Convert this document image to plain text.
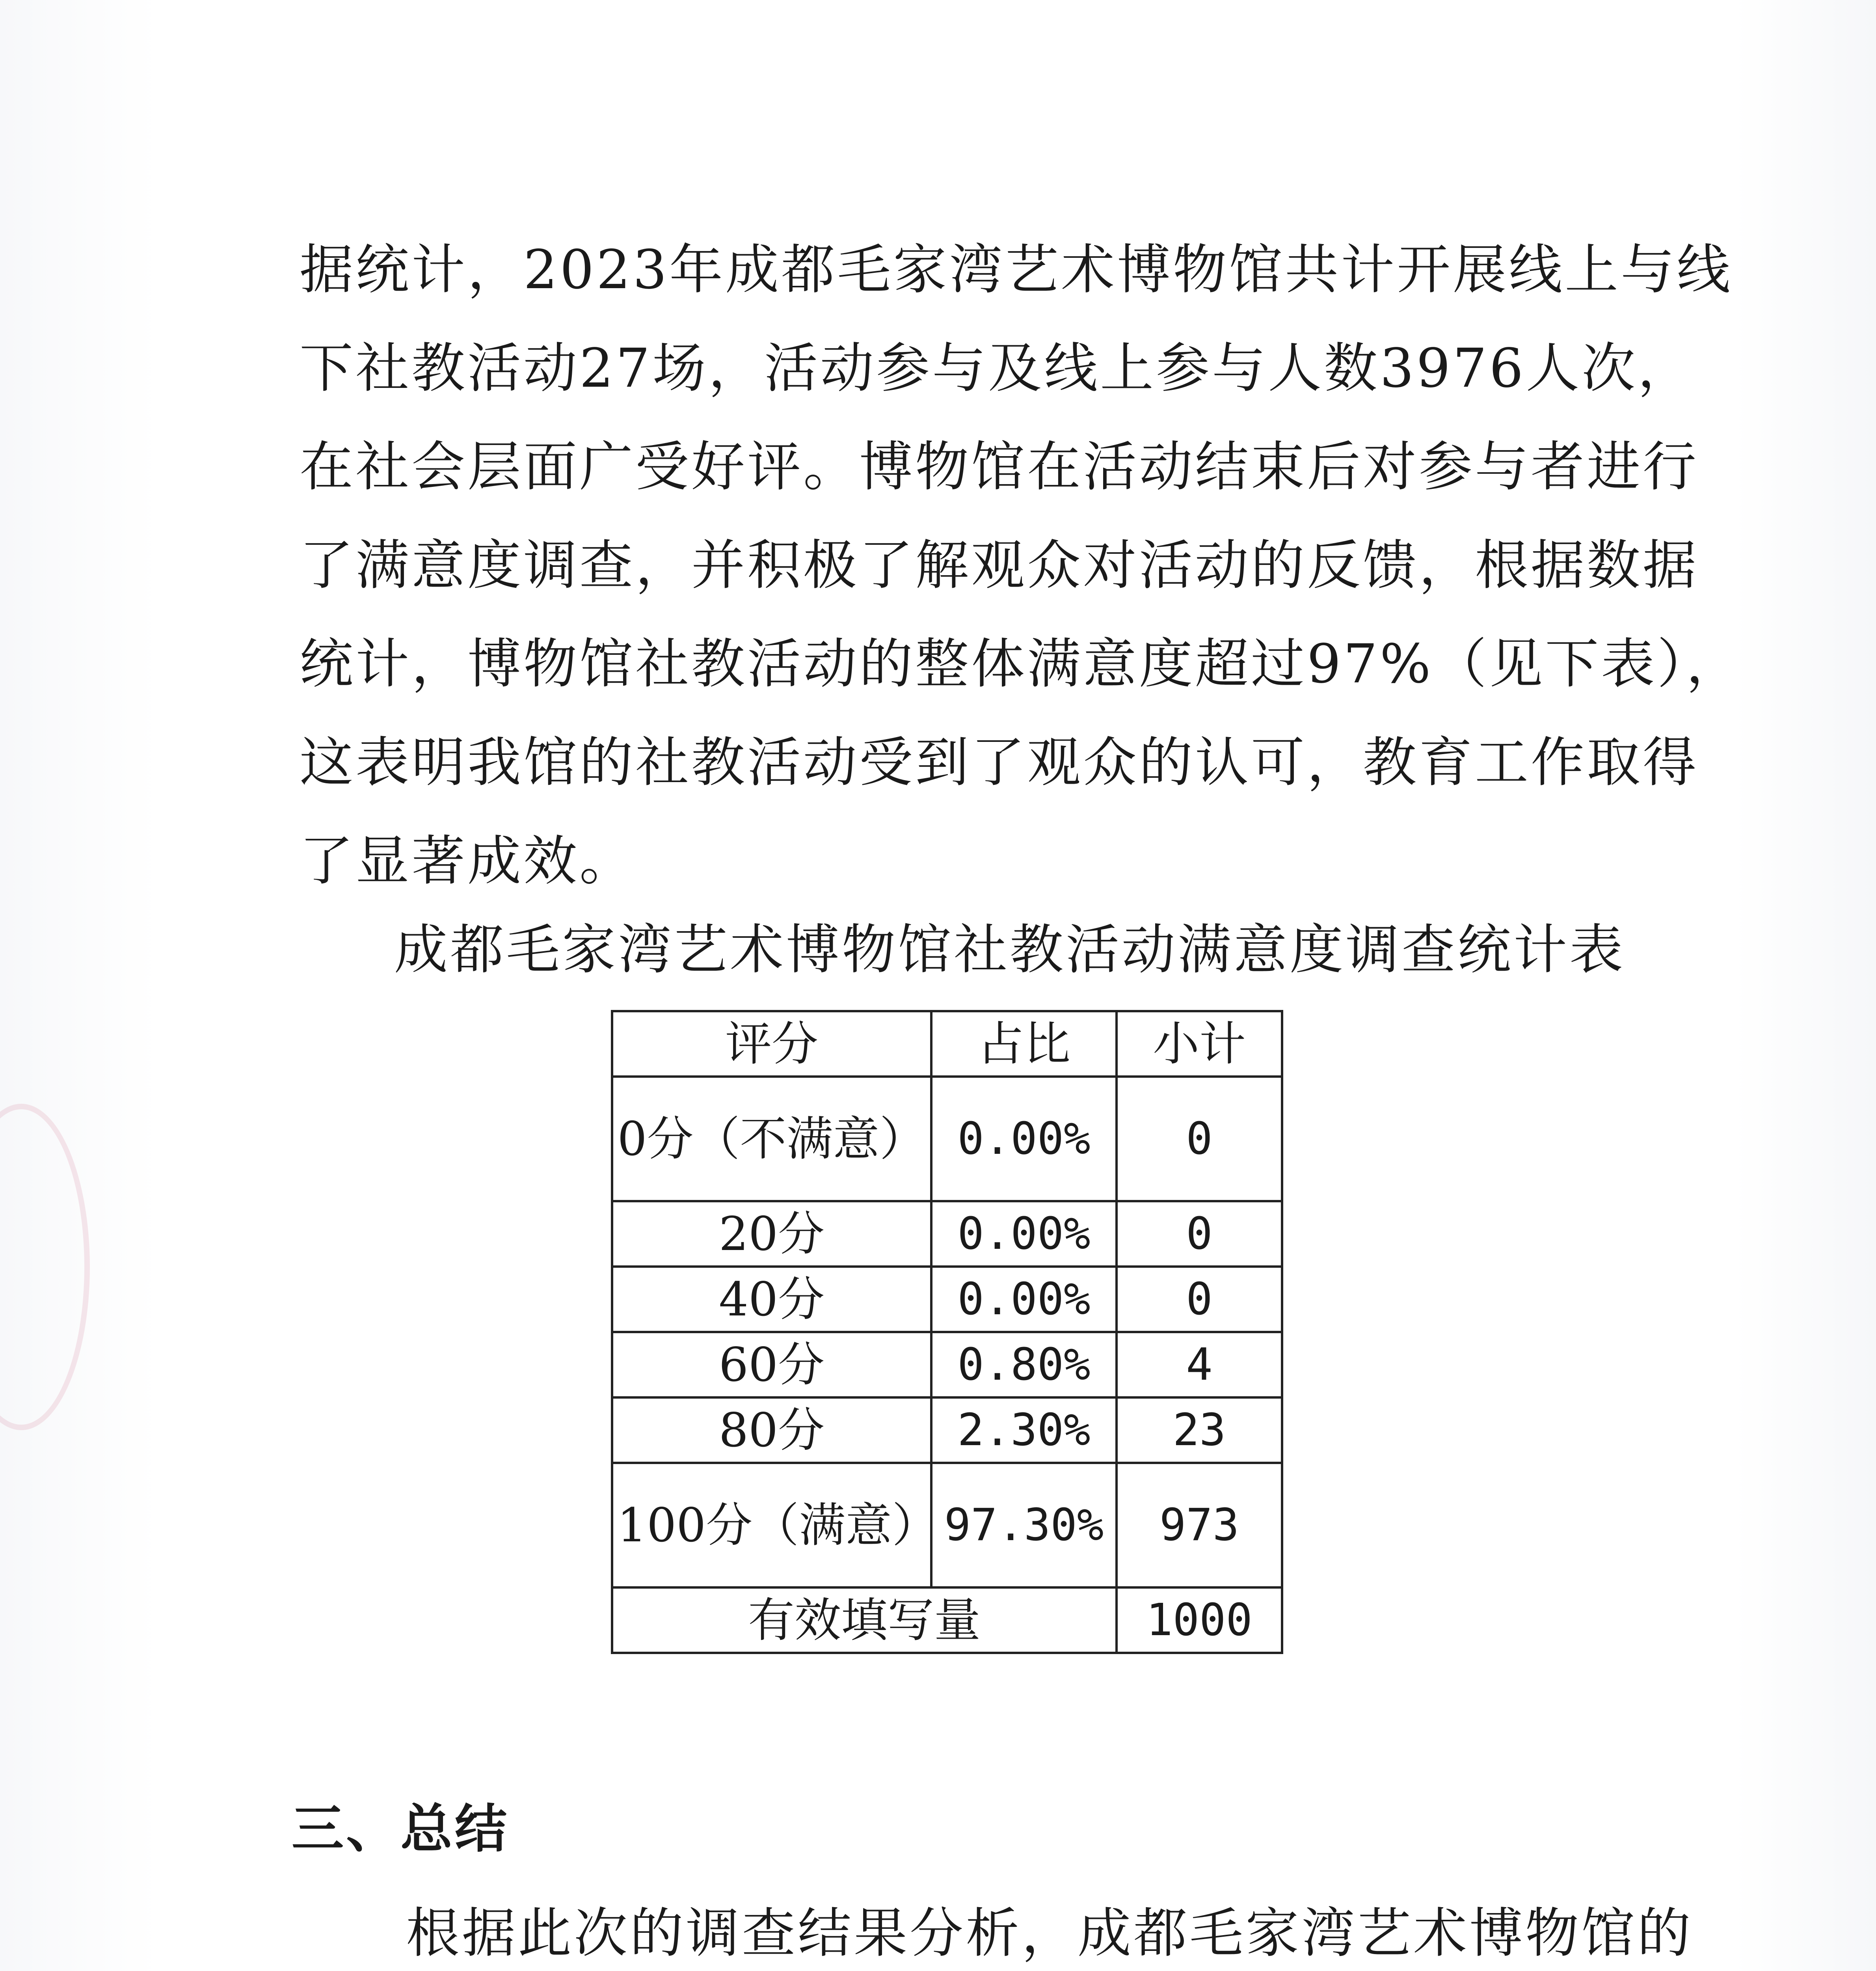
据统计，2023年成都毛家湾艺术博物馆共计开展线上与线
下社教活动27场，活动参与及线上参与人数3976人次，
在社会层面广受好评。博物馆在活动结束后对参与者进行
了满意度调查，并积极了解观众对活动的反馈，根据数据
统计，博物馆社教活动的整体满意度超过97%（见下表），
这表明我馆的社教活动受到了观众的认可，教育工作取得
了显著成效。
成都毛家湾艺术博物馆社教活动满意度调查统计表
评分	占比	小计
0分（不满意）	0.00%	0
20分	0.00%	0
40分	0.00%	0
60分	0.80%	4
80分	2.30%	23
100分（满意）	97.30%	973
有效填写量		1000
三、总结
根据此次的调查结果分析，成都毛家湾艺术博物馆的
